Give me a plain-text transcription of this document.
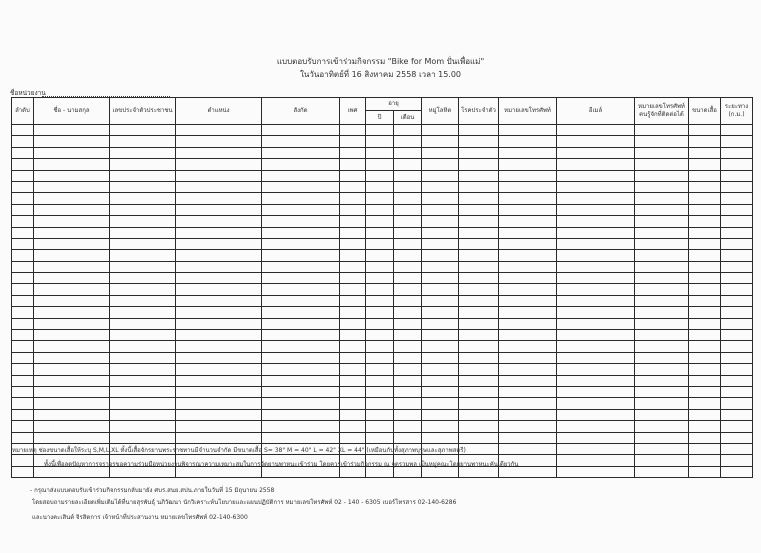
แบบตอบรับการเข้าร่วมกิจกรรม "Bike for Mom ปั่นเพื่อแม่"
ในวันอาทิตย์ที่ 16 สิงหาคม 2558 เวลา 15.00
ชื่อหน่วยงาน
ลำดับ	ชื่อ - นามสกุล	เลขประจำตัวประชาชน	ตำแหน่ง	สังกัด	เพศ	อายุ		หมู่โลหิต	โรคประจำตัว	หมายเลขโทรศัพท์	อีเมล์	หมายเลขโทรศัพท์ คนรู้จักที่ติดต่อได้	ขนาดเสื้อ	ระยะทาง (ก.ม.)
						ปี	เดือน							

หมายเหตุ ช่องขนาดเสื้อให้ระบุ S,M,L,XL ทั้งนี้เสื้อจักรยานพระราชทานมีจำนวนจำกัด มีขนาดเสื้อ S= 38" M = 40" L = 42" XL = 44" (เหมือนกันทั้งสุภาพบุรุษและสุภาพสตรี)
ทั้งนี้เพื่อลดปัญหาการจราจรขอความร่วมมือหน่วยงานพิจารณาความเหมาะสมในการจัดยานพาหนะเข้าร่วม โดยควรเข้าร่วมกิจกรรม ณ จุดรวมพล เป็นหมู่คณะโดยยานพาหนะคันเดียวกัน
- กรุณาส่งแบบตอบรับเข้าร่วมกิจกรรมกลับมายัง ศบร.สนย.สปน.ภายในวันที่ 15 มิถุนายน 2558
โดยสอบถามรายละเอียดเพิ่มเติมได้ที่นายสุรพันธุ์ นภิวัฒนา นักวิเคราะห์นโยบายและแผนปฏิบัติการ หมายเลขโทรศัพท์ 02 - 140 - 6305 เบอร์โทรสาร 02-140-6286
และนางคะเสินต์ จิรสิตการ เจ้าหน้าที่ประสานงาน หมายเลขโทรศัพท์ 02-140-6300
